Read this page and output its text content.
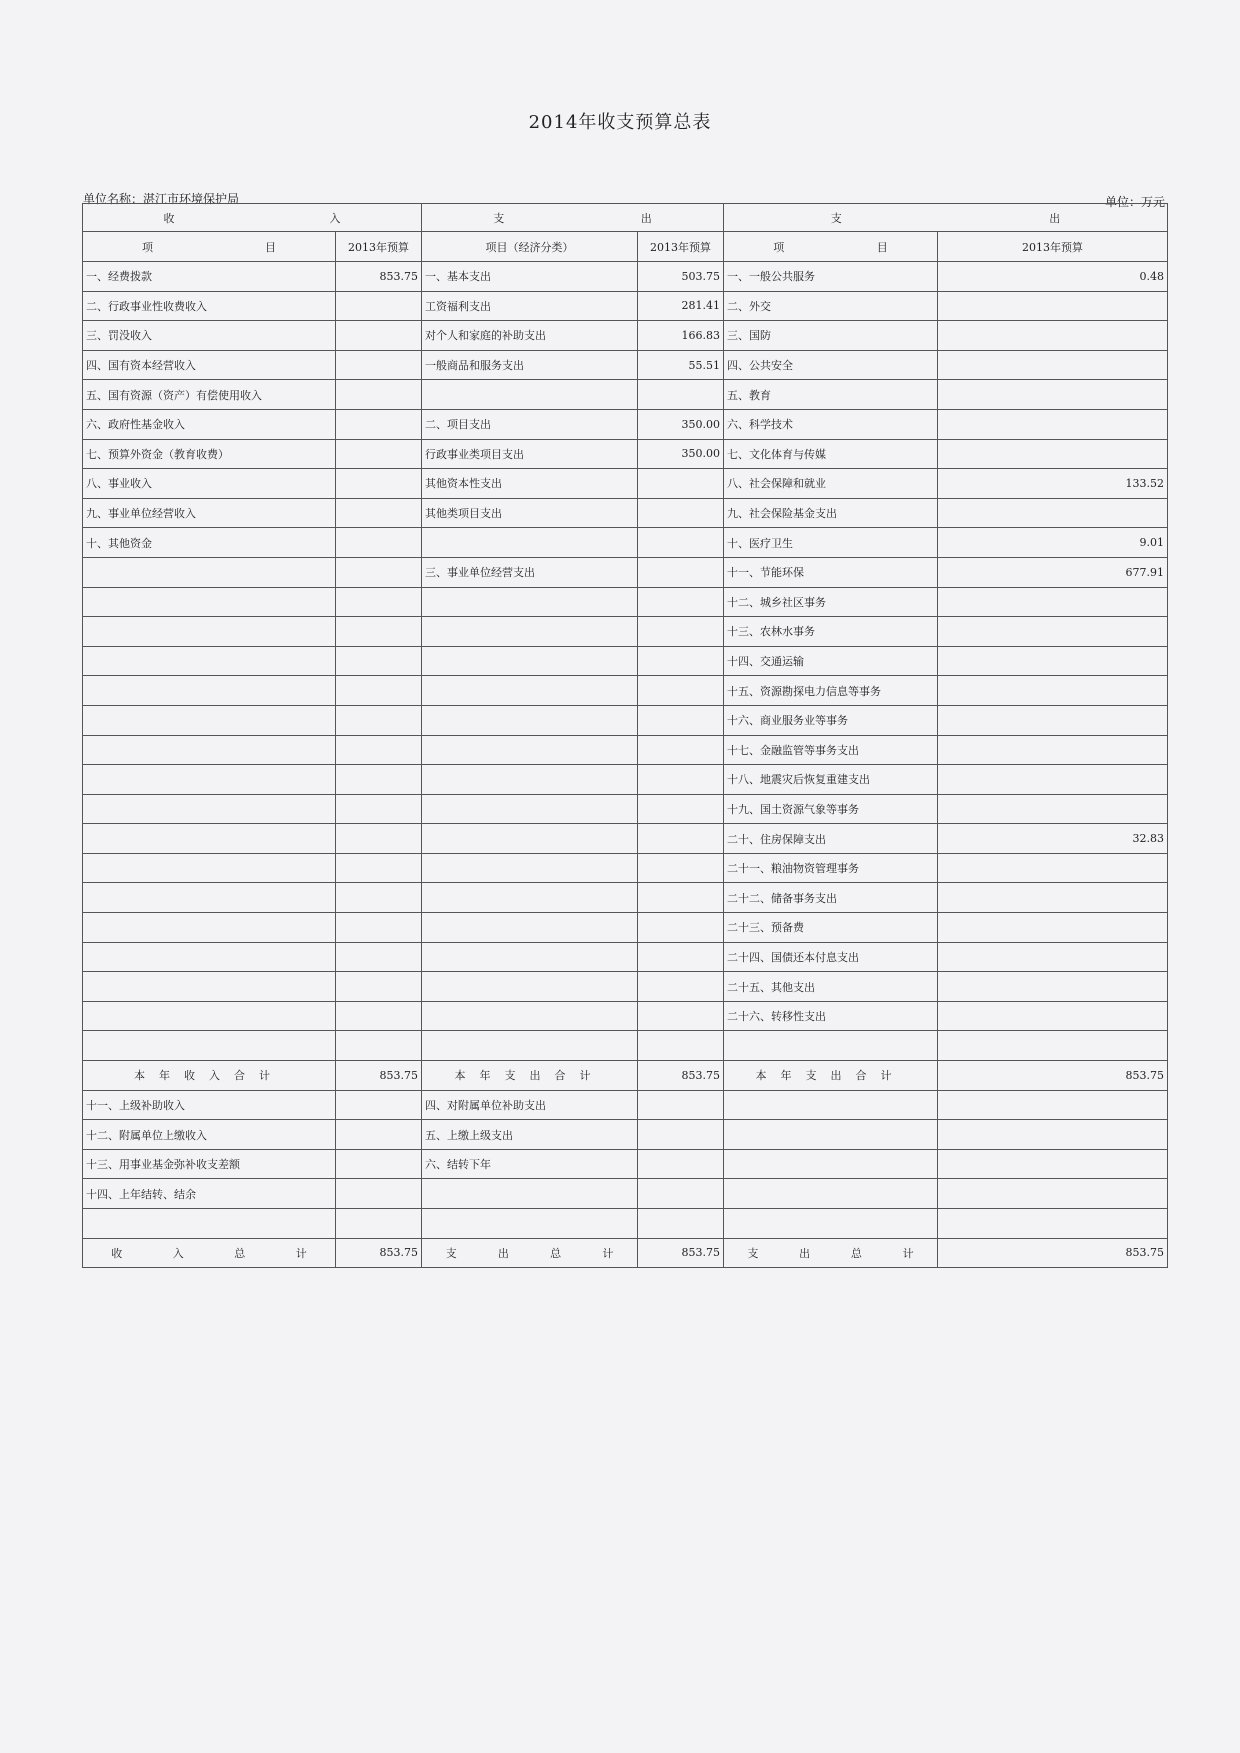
2014年收支预算总表
单位名称：湛江市环境保护局	单位：万元
收 入		支 出		支 出	

项 目	2013年预算	项目（经济分类）	2013年预算	项 目	2013年预算
一、经费拨款	853.75	一、基本支出	503.75	一、一般公共服务	0.48
二、行政事业性收费收入		工资福利支出	281.41	二、外交	
三、罚没收入		对个人和家庭的补助支出	166.83	三、国防	
四、国有资本经营收入		一般商品和服务支出	55.51	四、公共安全	
五、国有资源（资产）有偿使用收入				五、教育	
六、政府性基金收入		二、项目支出	350.00	六、科学技术	
七、预算外资金（教育收费）		行政事业类项目支出	350.00	七、文化体育与传媒	
八、事业收入		其他资本性支出		八、社会保障和就业	133.52
九、事业单位经营收入		其他类项目支出		九、社会保险基金支出	
十、其他资金				十、医疗卫生	9.01
		三、事业单位经营支出		十一、节能环保	677.91
				十二、城乡社区事务	
				十三、农林水事务	
				十四、交通运输	
				十五、资源勘探电力信息等事务	
				十六、商业服务业等事务	
				十七、金融监管等事务支出	
				十八、地震灾后恢复重建支出	
				十九、国土资源气象等事务	
				二十、住房保障支出	32.83
				二十一、粮油物资管理事务	
				二十二、储备事务支出	
				二十三、预备费	
				二十四、国债还本付息支出	
				二十五、其他支出	
				二十六、转移性支出	

本年收入合计	853.75	本年支出合计	853.75	本年支出合计	853.75
十一、上级补助收入		四、对附属单位补助支出			
十二、附属单位上缴收入		五、上缴上级支出			
十三、用事业基金弥补收支差额		六、结转下年			
十四、上年结转、结余					

收 入 总 计	853.75	支 出 总 计	853.75	支 出 总 计	853.75
